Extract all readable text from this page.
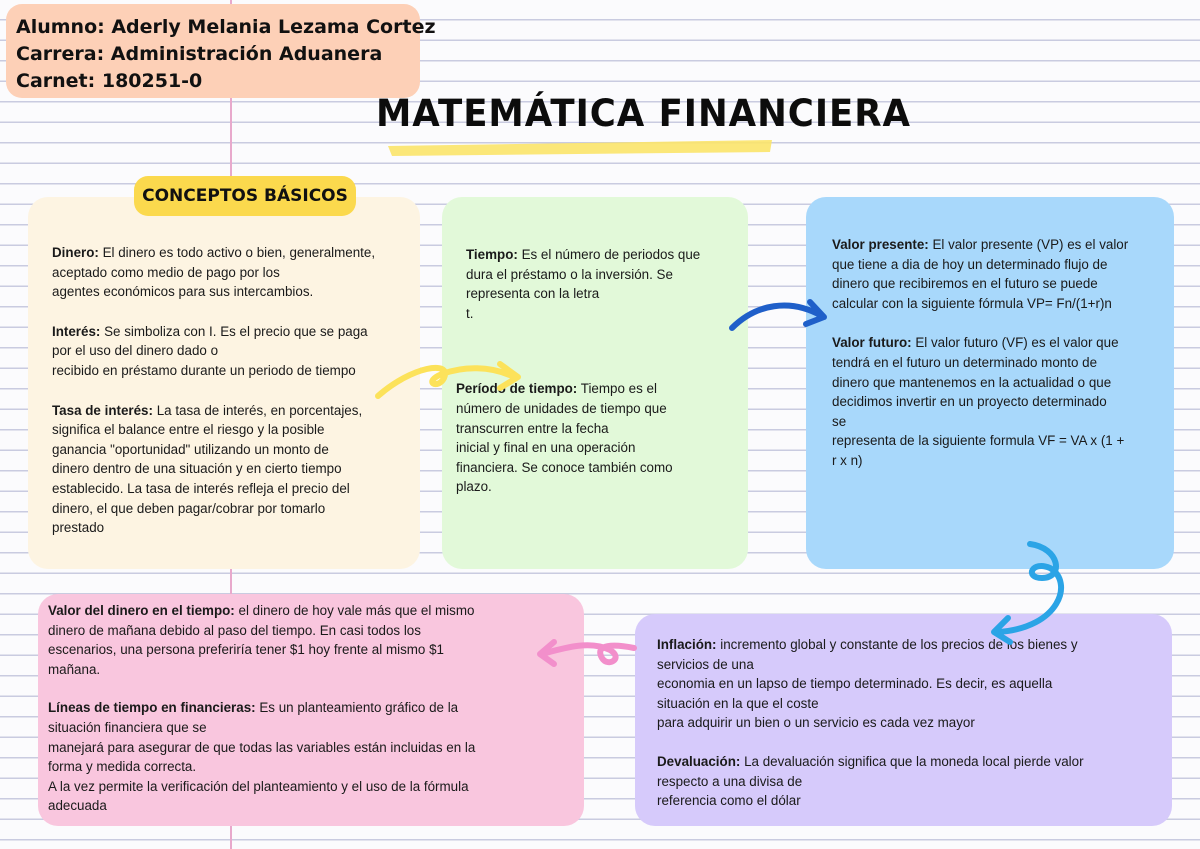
Alumno: Aderly Melania Lezama Cortez
Carrera: Administración Aduanera
Carnet: 180251-0
MATEMÁTICA FINANCIERA

Dinero: El dinero es todo activo o bien, generalmente,
aceptado como medio de pago por los
agentes económicos para sus intercambios.

Interés: Se simboliza con I. Es el precio que se paga
por el uso del dinero dado o
recibido en préstamo durante un periodo de tiempo

Tasa de interés: La tasa de interés, en porcentajes,
significa el balance entre el riesgo y la posible
ganancia "oportunidad" utilizando un monto de
dinero dentro de una situación y en cierto tiempo
establecido. La tasa de interés refleja el precio del
dinero, el que deben pagar/cobrar por tomarlo
prestado

CONCEPTOS BÁSICOS

Tiempo: Es el número de periodos que
dura el préstamo o la inversión. Se
representa con la letra
t.

Período de tiempo: Tiempo es el
número de unidades de tiempo que
transcurren entre la fecha
inicial y final en una operación
financiera. Se conoce también como
plazo.

Valor presente: El valor presente (VP) es el valor
que tiene a dia de hoy un determinado flujo de
dinero que recibiremos en el futuro se puede
calcular con la siguiente fórmula VP= Fn/(1+r)n

Valor futuro: El valor futuro (VF) es el valor que
tendrá en el futuro un determinado monto de
dinero que mantenemos en la actualidad o que
decidimos invertir en un proyecto determinado
se
representa de la siguiente formula VF = VA x (1 +
r x n)

Valor del dinero en el tiempo: el dinero de hoy vale más que el mismo
dinero de mañana debido al paso del tiempo. En casi todos los
escenarios, una persona preferiría tener $1 hoy frente al mismo $1
mañana.

Líneas de tiempo en financieras: Es un planteamiento gráfico de la
situación financiera que se
manejará para asegurar de que todas las variables están incluidas en la
forma y medida correcta.
A la vez permite la verificación del planteamiento y el uso de la fórmula
adecuada

Inflación: incremento global y constante de los precios de los bienes y
servicios de una
economia en un lapso de tiempo determinado. Es decir, es aquella
situación en la que el coste
para adquirir un bien o un servicio es cada vez mayor

Devaluación: La devaluación significa que la moneda local pierde valor
respecto a una divisa de
referencia como el dólar
